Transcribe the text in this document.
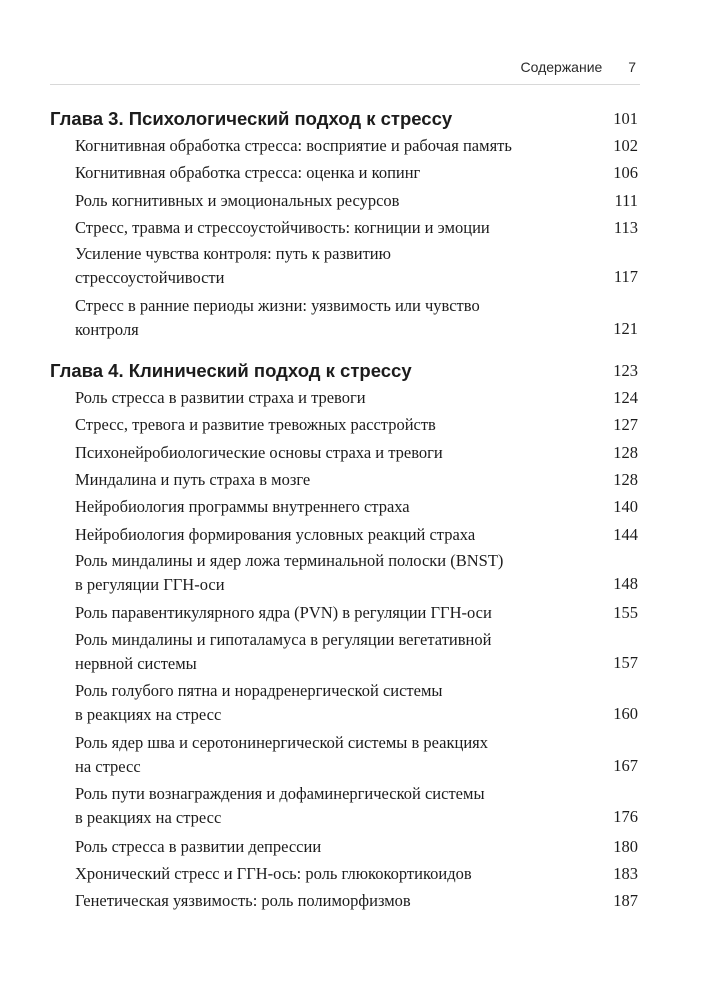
Содержание 7
Глава 3. Психологический подход к стрессу	101
Когнитивная обработка стресса: восприятие и рабочая память	102
Когнитивная обработка стресса: оценка и копинг	106
Роль когнитивных и эмоциональных ресурсов	111
Стресс, травма и стрессоустойчивость: когниции и эмоции	113
Усиление чувства контроля: путь к развитию
стрессоустойчивости	117
Стресс в ранние периоды жизни: уязвимость или чувство
контроля	121
Глава 4. Клинический подход к стрессу	123
Роль стресса в развитии страха и тревоги	124
Стресс, тревога и развитие тревожных расстройств	127
Психонейробиологические основы страха и тревоги	128
Миндалина и путь страха в мозге	128
Нейробиология программы внутреннего страха	140
Нейробиология формирования условных реакций страха	144
Роль миндалины и ядер ложа терминальной полоски (BNST)
в регуляции ГГН-оси	148
Роль паравентикулярного ядра (PVN) в регуляции ГГН-оси	155
Роль миндалины и гипоталамуса в регуляции вегетативной
нервной системы	157
Роль голубого пятна и норадренергической системы
в реакциях на стресс	160
Роль ядер шва и серотонинергической системы в реакциях
на стресс	167
Роль пути вознаграждения и дофаминергической системы
в реакциях на стресс	176
Роль стресса в развитии депрессии	180
Хронический стресс и ГГН-ось: роль глюкокортикоидов	183
Генетическая уязвимость: роль полиморфизмов	187
